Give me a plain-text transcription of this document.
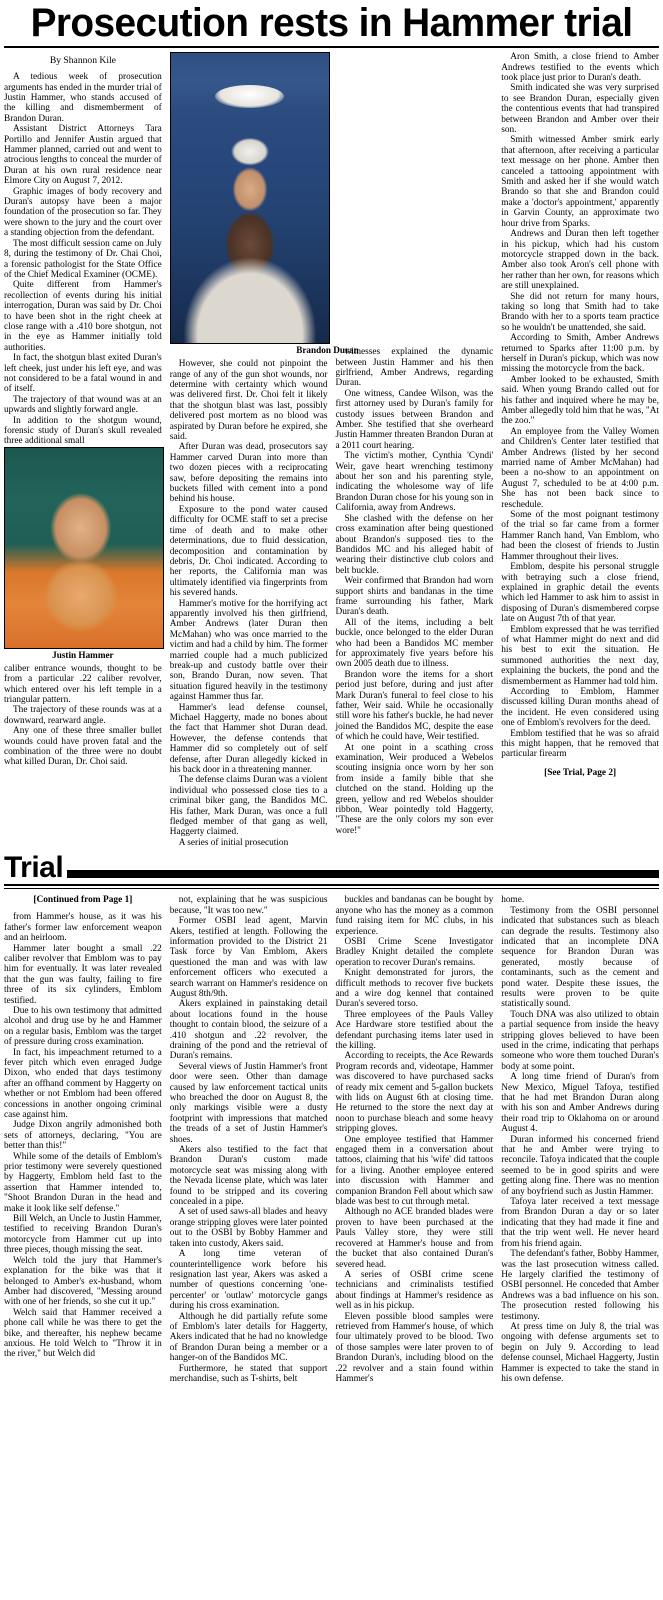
Prosecution rests in Hammer trial
By Shannon Kile

A tedious week of prosecution arguments has ended in the murder trial of Justin Hammer, who stands accused of the killing and dismemberment of Brandon Duran.

Assistant District Attorneys Tara Portillo and Jennifer Austin argued that Hammer planned, carried out and went to atrocious lengths to conceal the murder of Duran at his own rural residence near Elmore City on August 7, 2012.

Graphic images of body recovery and Duran's autopsy have been a major foundation of the prosecution so far. They were shown to the jury and the court over a standing objection from the defendant.

The most difficult session came on July 8, during the testimony of Dr. Chai Choi, a forensic pathologist for the State Office of the Chief Medical Examiner (OCME).

Quite different from Hammer's recollection of events during his initial interrogation, Duran was said by Dr. Choi to have been shot in the right cheek at close range with a .410 bore shotgun, not in the eye as Hammer initially told authorities.

In fact, the shotgun blast exited Duran's left cheek, just under his left eye, and was not considered to be a fatal wound in and of itself.

The trajectory of that wound was at an upwards and slightly forward angle.

In addition to the shotgun wound, forensic study of Duran's skull revealed three additional small

Justin Hammer

caliber entrance wounds, thought to be from a particular .22 caliber revolver, which entered over his left temple in a triangular pattern.

The trajectory of these rounds was at a downward, rearward angle.

Any one of these three smaller bullet wounds could have proven fatal and the combination of the three were no doubt what killed Duran, Dr. Choi said.

Brandon Duran

However, she could not pinpoint the range of any of the gun shot wounds, nor determine with certainty which wound was delivered first. Dr. Choi felt it likely that the shotgun blast was last, possibly delivered post mortem as no blood was aspirated by Duran before he expired, she said.

After Duran was dead, prosecutors say Hammer carved Duran into more than two dozen pieces with a reciprocating saw, before depositing the remains into buckets filled with cement into a pond behind his house.

Exposure to the pond water caused difficulty for OCME staff to set a precise time of death and to make other determinations, due to fluid dessication, decomposition and contamination by debris, Dr. Choi indicated. According to her reports, the California man was ultimately identified via fingerprints from his severed hands.

Hammer's motive for the horrifying act apparently involved his then girlfriend, Amber Andrews (later Duran then McMahan) who was once married to the victim and had a child by him. The former married couple had a much publicized break-up and custody battle over their son, Brando Duran, now seven. That situation figured heavily in the testimony against Hammer thus far.

Hammer's lead defense counsel, Michael Haggerty, made no bones about the fact that Hammer shot Duran dead. However, the defense contends that Hammer did so completely out of self defense, after Duran allegedly kicked in his back door in a threatening manner.

The defense claims Duran was a violent individual who possessed close ties to a criminal biker gang, the Bandidos MC. His father, Mark Duran, was once a full fledged member of that gang as well, Haggerty claimed.

A series of initial prosecution

witnesses explained the dynamic between Justin Hammer and his then girlfriend, Amber Andrews, regarding Duran.

One witness, Candee Wilson, was the first attorney used by Duran's family for custody issues between Brandon and Amber. She testified that she overheard Justin Hammer threaten Brandon Duran at a 2011 court hearing.

The victim's mother, Cynthia 'Cyndi' Weir, gave heart wrenching testimony about her son and his parenting style, indicating the wholesome way of life Brandon Duran chose for his young son in California, away from Andrews.

She clashed with the defense on her cross examination after being questioned about Brandon's supposed ties to the Bandidos MC and his alleged habit of wearing their distinctive club colors and belt buckle.

Weir confirmed that Brandon had worn support shirts and bandanas in the time frame surrounding his father, Mark Duran's death.

All of the items, including a belt buckle, once belonged to the elder Duran who had been a Bandidos MC member for approximately five years before his own 2005 death due to illness.

Brandon wore the items for a short period just before, during and just after Mark Duran's funeral to feel close to his father, Weir said. While he occasionally still wore his father's buckle, he had never joined the Bandidos MC, despite the ease of which he could have, Weir testified.

At one point in a scathing cross examination, Weir produced a Webelos scouting insignia once worn by her son from inside a family bible that she clutched on the stand. Holding up the green, yellow and red Webelos shoulder ribbon, Wear pointedly told Haggerty, "These are the only colors my son ever wore!"

Aron Smith, a close friend to Amber Andrews testified to the events which took place just prior to Duran's death.

Smith indicated she was very surprised to see Brandon Duran, especially given the contentious events that had transpired between Brandon and Amber over their son.

Smith witnessed Amber smirk early that afternoon, after receiving a particular text message on her phone. Amber then canceled a tattooing appointment with Smith and asked her if she would watch Brando so that she and Brandon could make a 'doctor's appointment,' apparently in Garvin County, an approximate two hour drive from Sparks.

Andrews and Duran then left together in his pickup, which had his custom motorcycle strapped down in the back. Amber also took Aron's cell phone with her rather than her own, for reasons which are still unexplained.

She did not return for many hours, taking so long that Smith had to take Brando with her to a sports team practice so he wouldn't be unattended, she said.

According to Smith, Amber Andrews returned to Sparks after 11:00 p.m. by herself in Duran's pickup, which was now missing the motorcycle from the back.

Amber looked to be exhausted, Smith said. When young Brando called out for his father and inquired where he may be, Amber allegedly told him that he was, "At the zoo."

An employee from the Valley Women and Children's Center later testified that Amber Andrews (listed by her second married name of Amber McMahan) had been a no-show to an appointment on August 7, scheduled to be at 4:00 p.m. She has not been back since to reschedule.

Some of the most poignant testimony of the trial so far came from a former Hammer Ranch hand, Van Emblom, who had been the closest of friends to Justin Hammer throughout their lives.

Emblom, despite his personal struggle with betraying such a close friend, explained in graphic detail the events which led Hammer to ask him to assist in disposing of Duran's dismembered corpse late on August 7th of that year.

Emblom expressed that he was terrified of what Hammer might do next and did his best to exit the situation. He summoned authorities the next day, explaining the buckets, the pond and the dismemberment as Hammer had told him.

According to Emblom, Hammer discussed killing Duran months ahead of the incident. He even considered using one of Emblom's revolvers for the deed.

Emblom testified that he was so afraid this might happen, that he removed that particular firearm

[See Trial, Page 2]

Trial
[Continued from Page 1]

from Hammer's house, as it was his father's former law enforcement weapon and an heirloom.

Hammer later bought a small .22 caliber revolver that Emblom was to pay him for eventually. It was later revealed that the gun was faulty, failing to fire three of its six cylinders, Emblom testified.

Due to his own testimony that admitted alcohol and drug use by he and Hammer on a regular basis, Emblom was the target of pressure during cross examination.

In fact, his impeachment returned to a fever pitch which even enraged Judge Dixon, who ended that days testimony after an offhand comment by Haggerty on whether or not Emblom had been offered concessions in another ongoing criminal case against him.

Judge Dixon angrily admonished both sets of attorneys, declaring, "You are better than this!"

While some of the details of Emblom's prior testimony were severely questioned by Haggerty, Emblom held fast to the assertion that Hammer intended to, "Shoot Brandon Duran in the head and make it look like self defense."

Bill Welch, an Uncle to Justin Hammer, testified to receiving Brandon Duran's motorcycle from Hammer cut up into three pieces, though missing the seat.

Welch told the jury that Hammer's explanation for the bike was that it belonged to Amber's ex-husband, whom Amber had discovered, "Messing around with one of her friends, so she cut it up."

Welch said that Hammer received a phone call while he was there to get the bike, and thereafter, his nephew became anxious. He told Welch to "Throw it in the river," but Welch did

not, explaining that he was suspicious because, "It was too new."

Former OSBI lead agent, Marvin Akers, testified at length. Following the information provided to the District 21 Task force by Van Emblom, Akers questioned the man and was with law enforcement officers who executed a search warrant on Hammer's residence on August 8th/9th.

Akers explained in painstaking detail about locations found in the house thought to contain blood, the seizure of a .410 shotgun and .22 revolver, the draining of the pond and the retrieval of Duran's remains.

Several views of Justin Hammer's front door were seen. Other than damage caused by law enforcement tactical units who breached the door on August 8, the only markings visible were a dusty footprint with impressions that matched the treads of a set of Justin Hammer's shoes.

Akers also testified to the fact that Brandon Duran's custom made motorcycle seat was missing along with the Nevada license plate, which was later found to be stripped and its covering concealed in a pipe.

A set of used saws-all blades and heavy orange stripping gloves were later pointed out to the OSBI by Bobby Hammer and taken into custody, Akers said.

A long time veteran of counterintelligence work before his resignation last year, Akers was asked a number of questions concerning 'one-percenter' or 'outlaw' motorcycle gangs during his cross examination.

Although he did partially refute some of Emblom's later details for Haggerty, Akers indicated that he had no knowledge of Brandon Duran being a member or a hanger-on of the Bandidos MC.

Furthermore, he stated that support merchandise, such as T-shirts, belt

buckles and bandanas can be bought by anyone who has the money as a common fund raising item for MC clubs, in his experience.

OSBI Crime Scene Investigator Bradley Knight detailed the complete operation to recover Duran's remains.

Knight demonstrated for jurors, the difficult methods to recover five buckets and a wire dog kennel that contained Duran's severed torso.

Three employees of the Pauls Valley Ace Hardware store testified about the defendant purchasing items later used in the killing.

According to receipts, the Ace Rewards Program records and, videotape, Hammer was discovered to have purchased sacks of ready mix cement and 5-gallon buckets with lids on August 6th at closing time. He returned to the store the next day at noon to purchase bleach and some heavy stripping gloves.

One employee testified that Hammer engaged them in a conversation about tattoos, claiming that his 'wife' did tattoos for a living. Another employee entered into discussion with Hammer and companion Brandon Fell about which saw blade was best to cut through metal.

Although no ACE branded blades were proven to have been purchased at the Pauls Valley store, they were still recovered at Hammer's house and from the bucket that also contained Duran's severed head.

A series of OSBI crime scene technicians and criminalists testified about findings at Hammer's residence as well as in his pickup.

Eleven possible blood samples were retrieved from Hammer's house, of which four ultimately proved to be blood. Two of those samples were later proven to of Brandon Duran's, including blood on the .22 revolver and a stain found within Hammer's

home.

Testimony from the OSBI personnel indicated that substances such as bleach can degrade the results. Testimony also indicated that an incomplete DNA sequence for Brandon Duran was generated, mostly because of contaminants, such as the cement and pond water. Despite these issues, the results were proven to be quite statistically sound.

Touch DNA was also utilized to obtain a partial sequence from inside the heavy stripping gloves believed to have been used in the crime, indicating that perhaps someone who wore them touched Duran's body at some point.

A long time friend of Duran's from New Mexico, Miguel Tafoya, testified that he had met Brandon Duran along with his son and Amber Andrews during their road trip to Oklahoma on or around August 4.

Duran informed his concerned friend that he and Amber were trying to reconcile. Tafoya indicated that the couple seemed to be in good spirits and were getting along fine. There was no mention of any boyfriend such as Justin Hammer.

Tafoya later received a text message from Brandon Duran a day or so later indicating that they had made it fine and that the trip went well. He never heard from his friend again.

The defendant's father, Bobby Hammer, was the last prosecution witness called. He largely clarified the testimony of OSBI personnel. He conceded that Amber Andrews was a bad influence on his son. The prosecution rested following his testimony.

At press time on July 8, the trial was ongoing with defense arguments set to begin on July 9. According to lead defense counsel, Michael Haggerty, Justin Hammer is expected to take the stand in his own defense.
